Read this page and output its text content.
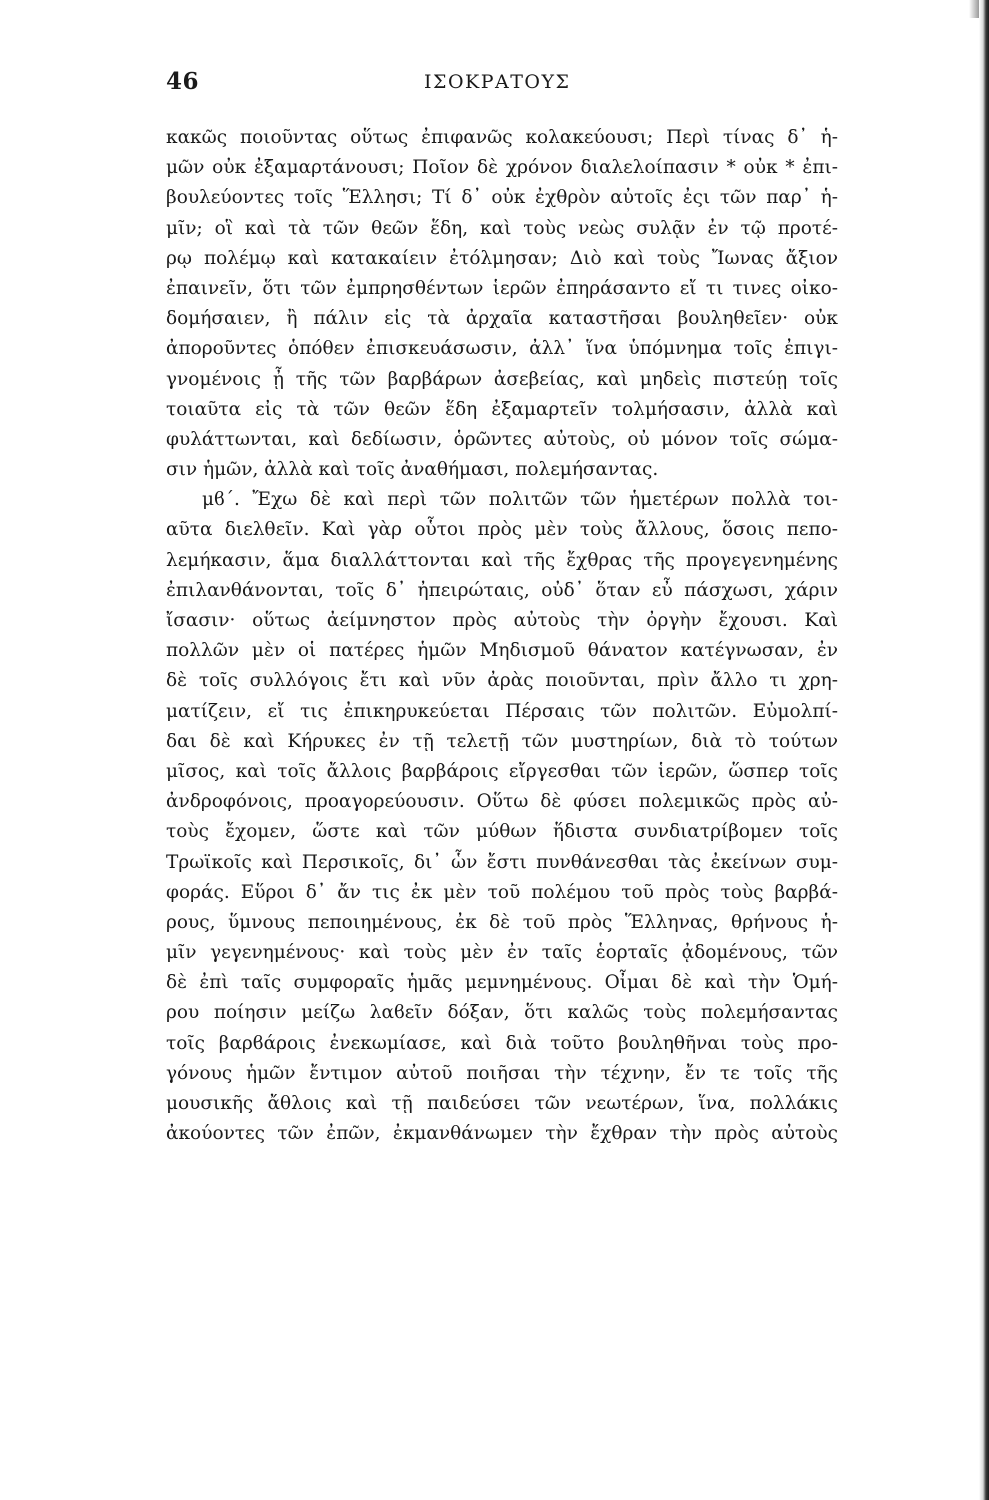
46	ΙΣΟΚΡΑΤΟΥΣ
κακῶς ποιοῦντας οὕτως ἐπιφανῶς κολακεύουσι; Περὶ τίνας δ᾽ ἡ-
μῶν οὐκ ἐξαμαρτάνουσι; Ποῖον δὲ χρόνον διαλελοίπασιν * οὐκ * ἐπι-
βουλεύοντες τοῖς Ἕλλησι; Τί δ᾽ οὐκ ἐχθρὸν αὐτοῖς ἐςι τῶν παρ᾽ ἡ-
μῖν; οἳ καὶ τὰ τῶν θεῶν ἕδη, καὶ τοὺς νεὼς συλᾷν ἐν τῷ προτέ-
ρῳ πολέμῳ καὶ κατακαίειν ἐτόλμησαν; Διὸ καὶ τοὺς Ἴωνας ἄξιον
ἐπαινεῖν, ὅτι τῶν ἐμπρησθέντων ἱερῶν ἐπηράσαντο εἴ τι τινες οἰκο-
δομήσαιεν, ἢ πάλιν εἰς τὰ ἀρχαῖα καταστῆσαι βουληθεῖεν· οὐκ
ἀποροῦντες ὁπόθεν ἐπισκευάσωσιν, ἀλλ᾽ ἵνα ὑπόμνημα τοῖς ἐπιγι-
γνομένοις ᾖ τῆς τῶν βαρβάρων ἀσεβείας, καὶ μηδεὶς πιστεύῃ τοῖς
τοιαῦτα εἰς τὰ τῶν θεῶν ἕδη ἐξαμαρτεῖν τολμήσασιν, ἀλλὰ καὶ
φυλάττωνται, καὶ δεδίωσιν, ὁρῶντες αὐτοὺς, οὐ μόνον τοῖς σώμα-
σιν ἡμῶν, ἀλλὰ καὶ τοῖς ἀναθήμασι, πολεμήσαντας.
μϐ΄. Ἔχω δὲ καὶ περὶ τῶν πολιτῶν τῶν ἡμετέρων πολλὰ τοι-
αῦτα διελθεῖν. Καὶ γὰρ οὗτοι πρὸς μὲν τοὺς ἄλλους, ὅσοις πεπο-
λεμήκασιν, ἅμα διαλλάττονται καὶ τῆς ἔχθρας τῆς προγεγενημένης
ἐπιλανθάνονται, τοῖς δ᾽ ἠπειρώταις, οὐδ᾽ ὅταν εὖ πάσχωσι, χάριν
ἴσασιν· οὕτως ἀείμνηστον πρὸς αὐτοὺς τὴν ὀργὴν ἔχουσι. Καὶ
πολλῶν μὲν οἱ πατέρες ἡμῶν Μηδισμοῦ θάνατον κατέγνωσαν, ἐν
δὲ τοῖς συλλόγοις ἔτι καὶ νῦν ἀρὰς ποιοῦνται, πρὶν ἄλλο τι χρη-
ματίζειν, εἴ τις ἐπικηρυκεύεται Πέρσαις τῶν πολιτῶν. Εὐμολπί-
δαι δὲ καὶ Κήρυκες ἐν τῇ τελετῇ τῶν μυστηρίων, διὰ τὸ τούτων
μῖσος, καὶ τοῖς ἄλλοις βαρβάροις εἴργεσθαι τῶν ἱερῶν, ὥσπερ τοῖς
ἀνδροφόνοις, προαγορεύουσιν. Οὕτω δὲ φύσει πολεμικῶς πρὸς αὐ-
τοὺς ἔχομεν, ὥστε καὶ τῶν μύθων ἥδιστα συνδιατρίβομεν τοῖς
Τρωϊκοῖς καὶ Περσικοῖς, δι᾽ ὧν ἔστι πυνθάνεσθαι τὰς ἐκείνων συμ-
φοράς. Εὕροι δ᾽ ἄν τις ἐκ μὲν τοῦ πολέμου τοῦ πρὸς τοὺς βαρβά-
ρους, ὕμνους πεποιημένους, ἐκ δὲ τοῦ πρὸς Ἕλληνας, θρήνους ἡ-
μῖν γεγενημένους· καὶ τοὺς μὲν ἐν ταῖς ἑορταῖς ᾀδομένους, τῶν
δὲ ἐπὶ ταῖς συμφοραῖς ἡμᾶς μεμνημένους. Οἶμαι δὲ καὶ τὴν Ὁμή-
ρου ποίησιν μείζω λαϐεῖν δόξαν, ὅτι καλῶς τοὺς πολεμήσαντας
τοῖς βαρϐάροις ἐνεκωμίασε, καὶ διὰ τοῦτο βουληθῆναι τοὺς προ-
γόνους ἡμῶν ἔντιμον αὐτοῦ ποιῆσαι τὴν τέχνην, ἔν τε τοῖς τῆς
μουσικῆς ἄθλοις καὶ τῇ παιδεύσει τῶν νεωτέρων, ἵνα, πολλάκις
ἀκούοντες τῶν ἐπῶν, ἐκμανθάνωμεν τὴν ἔχθραν τὴν πρὸς αὐτοὺς
